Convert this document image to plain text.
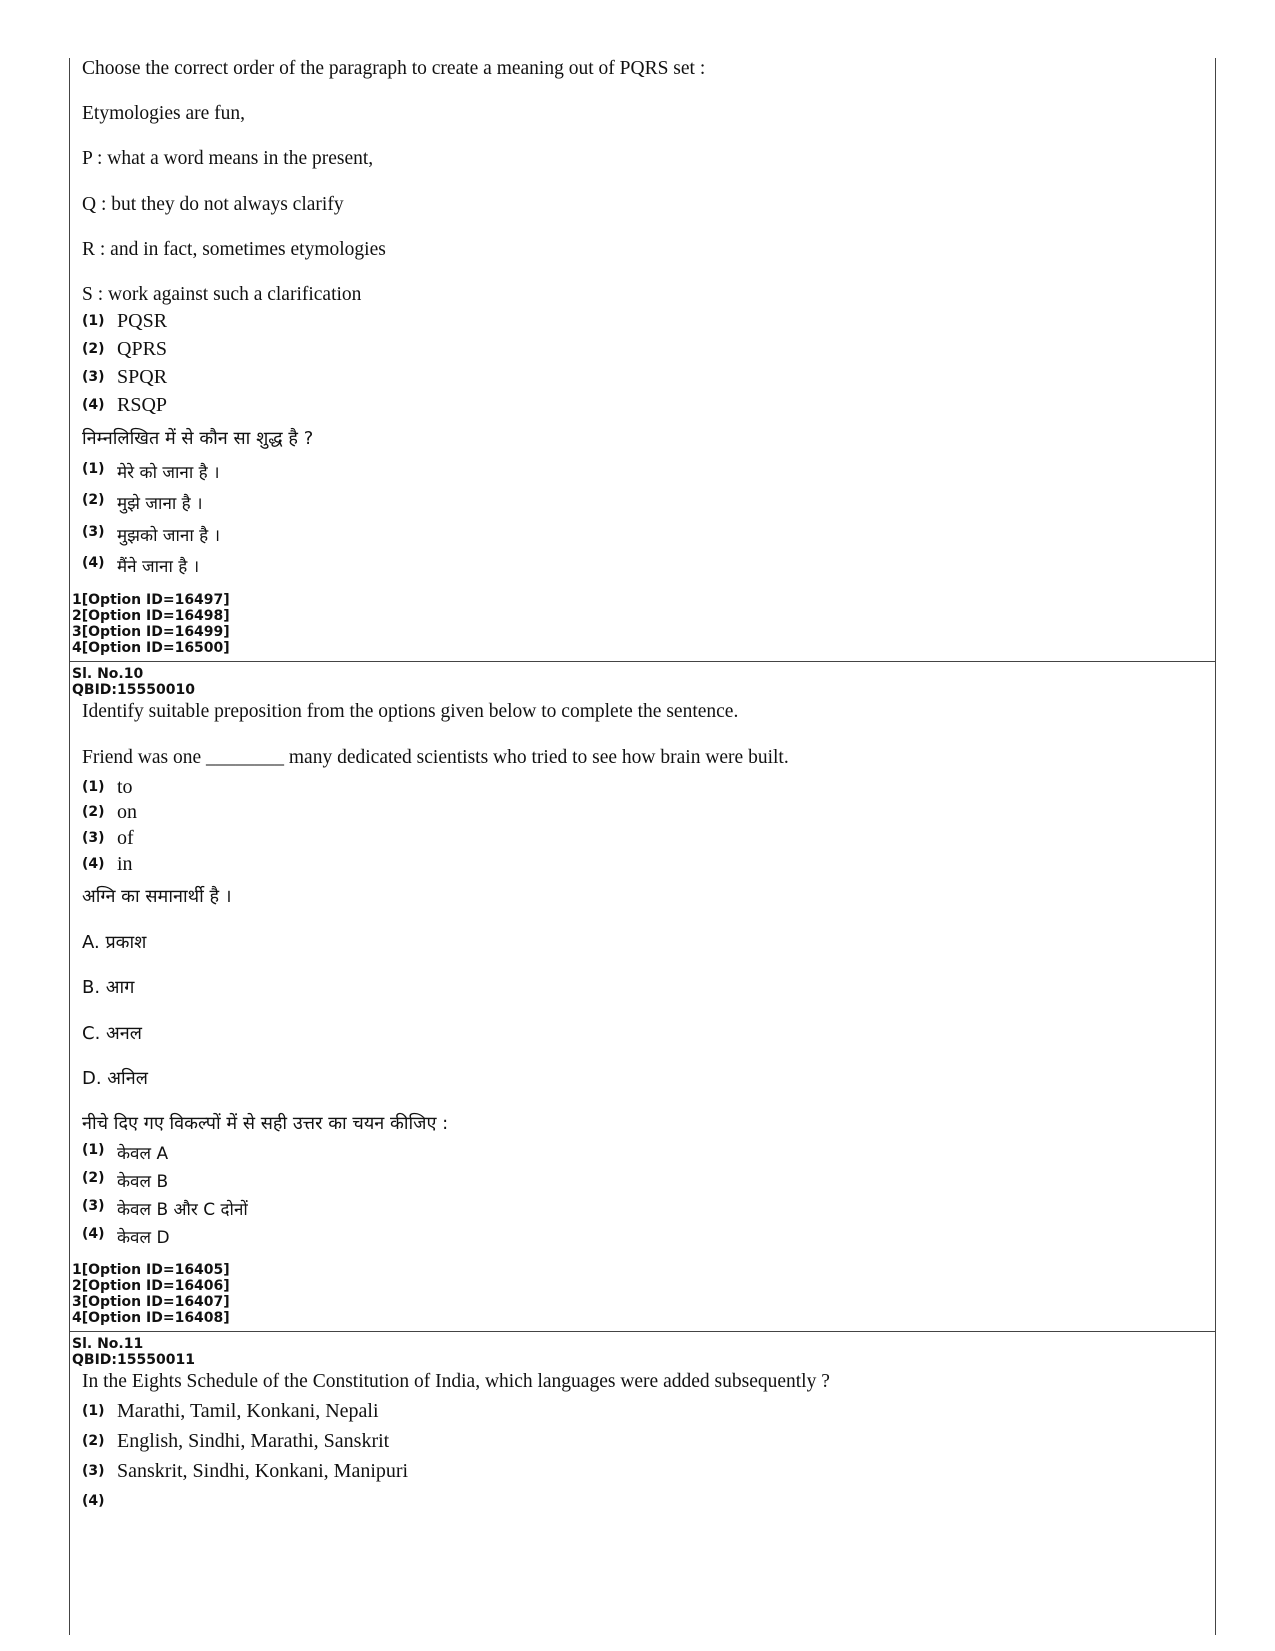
Choose the correct order of the paragraph to create a meaning out of PQRS set :
Etymologies are fun,
P : what a word means in the present,
Q : but they do not always clarify
R : and in fact, sometimes etymologies
S : work against such a clarification
(1) PQSR
(2) QPRS
(3) SPQR
(4) RSQP
निम्नलिखित में से कौन सा शुद्ध है ?
(1) मेरे को जाना है ।
(2) मुझे जाना है ।
(3) मुझको जाना है ।
(4) मैंने जाना है ।
1[Option ID=16497]
2[Option ID=16498]
3[Option ID=16499]
4[Option ID=16500]
Sl. No.10
QBID:15550010
Identify suitable preposition from the options given below to complete the sentence.
Friend was one ________ many dedicated scientists who tried to see how brain were built.
(1) to
(2) on
(3) of
(4) in
अग्नि का समानार्थी है ।
A. प्रकाश
B. आग
C. अनल
D. अनिल
नीचे दिए गए विकल्पों में से सही उत्तर का चयन कीजिए :
(1) केवल A
(2) केवल B
(3) केवल B और C दोनों
(4) केवल D
1[Option ID=16405]
2[Option ID=16406]
3[Option ID=16407]
4[Option ID=16408]
Sl. No.11
QBID:15550011
In the Eights Schedule of the Constitution of India, which languages were added subsequently ?
(1) Marathi, Tamil, Konkani, Nepali
(2) English, Sindhi, Marathi, Sanskrit
(3) Sanskrit, Sindhi, Konkani, Manipuri
(4)
